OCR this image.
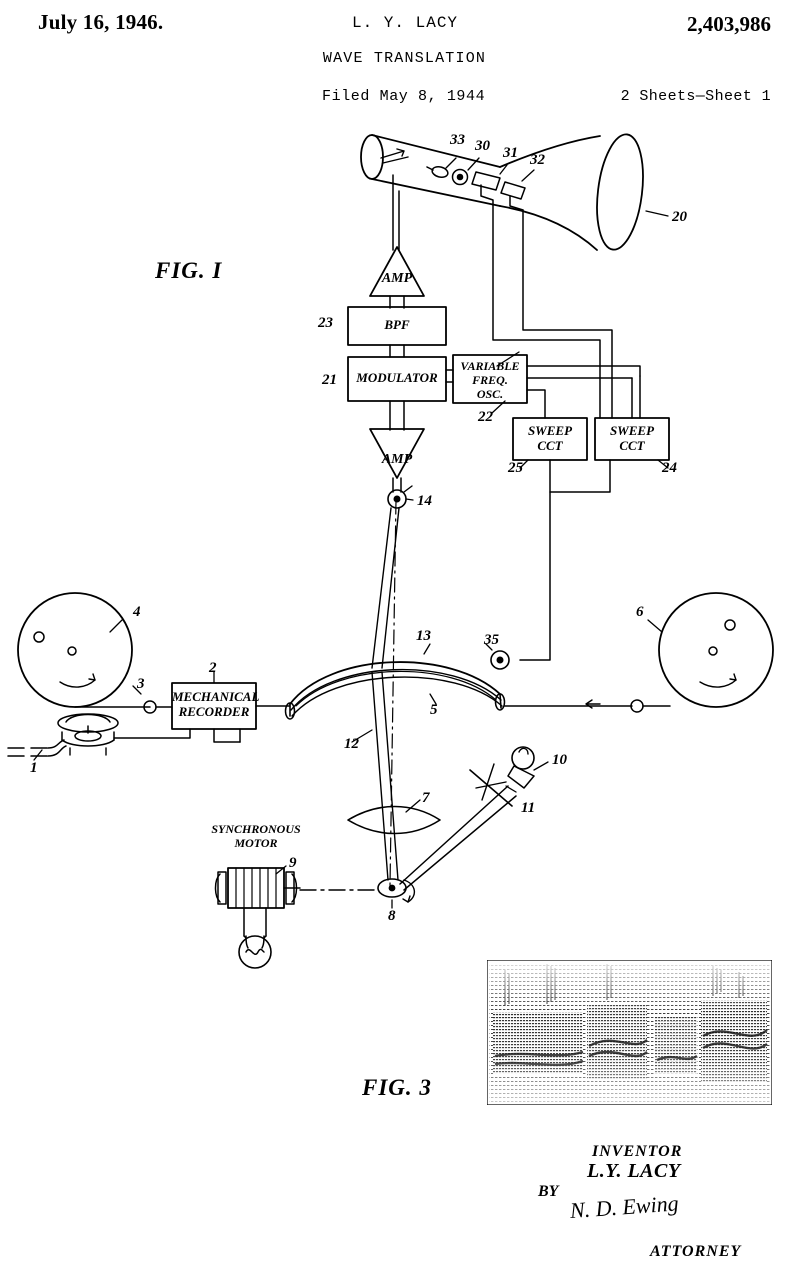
July 16, 1946.	L. Y. LACY	2,403,986
WAVE TRANSLATION
Filed May 8, 1944	2 Sheets—Sheet 1
AMP
AMP
BPF
MODULATOR
VARIABLE
FREQ.
OSC.
SWEEP
CCT
SWEEP
CCT
MECHANICAL
RECORDER
SYNCHRONOUS
MOTOR
FIG. I
FIG. 3
33 30 31 32
20
23
21
22
25	24
14
4	6
13	35
3
2
5
1
12
10
11
7
9
8
INVENTOR
L.Y. LACY
BY N. D. Ewing
ATTORNEY
